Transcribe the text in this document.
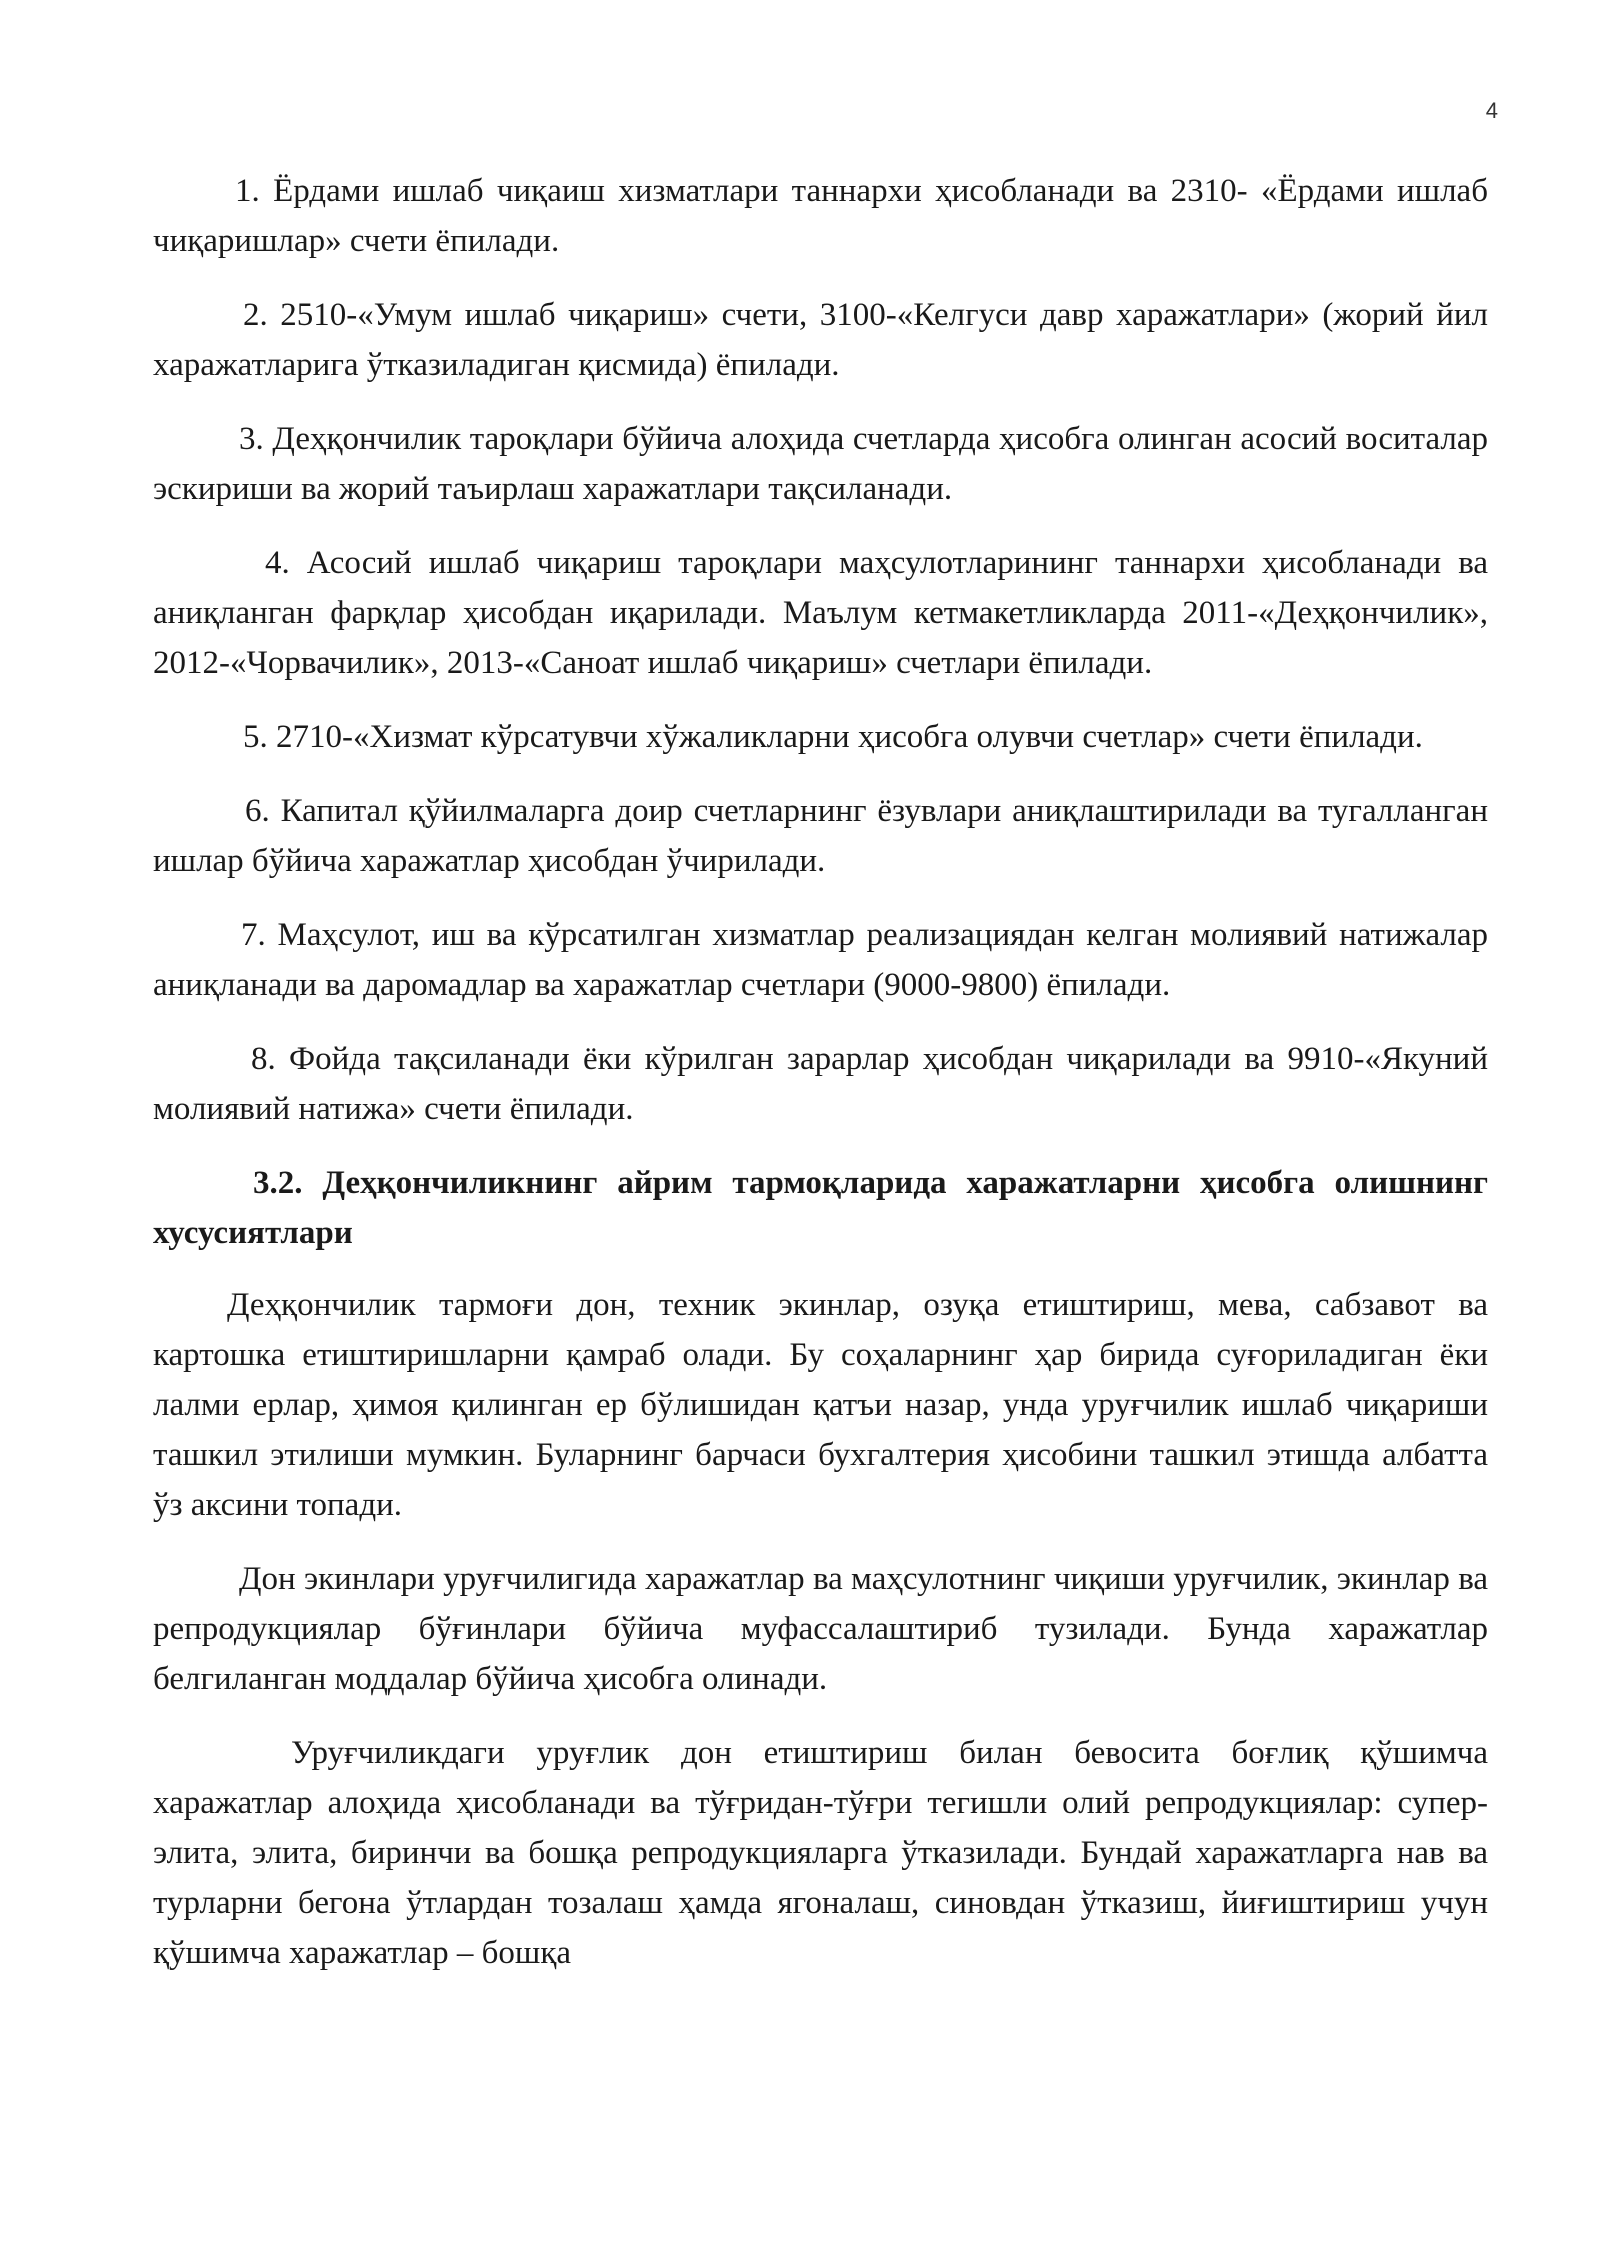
4

1. Ёрдами ишлаб чиқаиш хизматлари таннархи ҳисобланади ва 2310- «Ёрдами ишлаб чиқаришлар» счети ёпилади.

2. 2510-«Умум ишлаб чиқариш» счети, 3100-«Келгуси давр харажатлари» (жорий йил харажатларига ўтказиладиган қисмида) ёпилади.

3. Деҳқончилик тароқлари бўйича алоҳида счетларда ҳисобга олинган асосий воситалар эскириши ва жорий таъирлаш харажатлари тақсиланади.

4. Асосий ишлаб чиқариш тароқлари маҳсулотларининг таннархи ҳисобланади ва аниқланган фарқлар ҳисобдан иқарилади. Маълум кетмакетликларда 2011-«Деҳқончилик», 2012-«Чорвачилик», 2013-«Саноат ишлаб чиқариш» счетлари ёпилади.

5. 2710-«Хизмат кўрсатувчи хўжаликларни ҳисобга олувчи счетлар» счети ёпилади.

6. Капитал қўйилмаларга доир счетларнинг ёзувлари аниқлаштирилади ва тугалланган ишлар бўйича харажатлар ҳисобдан ўчирилади.

7. Маҳсулот, иш ва кўрсатилган хизматлар реализациядан келган молиявий натижалар аниқланади ва даромадлар ва харажатлар счетлари (9000-9800) ёпилади.

8. Фойда тақсиланади ёки кўрилган зарарлар ҳисобдан чиқарилади ва 9910-«Якуний молиявий натижа» счети ёпилади.

3.2. Деҳқончиликнинг айрим тармоқларида харажатларни ҳисобга олишнинг хусусиятлари

Деҳқончилик тармоғи дон, техник экинлар, озуқа етиштириш, мева, сабзавот ва картошка етиштиришларни қамраб олади. Бу соҳаларнинг ҳар бирида суғориладиган ёки лалми ерлар, ҳимоя қилинган ер бўлишидан қатъи назар, унда уруғчилик ишлаб чиқариши ташкил этилиши мумкин. Буларнинг барчаси бухгалтерия ҳисобини ташкил этишда албатта ўз аксини топади.

Дон экинлари уруғчилигида харажатлар ва маҳсулотнинг чиқиши уруғчилик, экинлар ва репродукциялар бўғинлари бўйича муфассалаштириб тузилади. Бунда харажатлар белгиланган моддалар бўйича ҳисобга олинади.

Уруғчиликдаги уруғлик дон етиштириш билан бевосита боғлиқ қўшимча харажатлар алоҳида ҳисобланади ва тўғридан-тўғри тегишли олий репродукциялар: супер-элита, элита, биринчи ва бошқа репродукцияларга ўтказилади. Бундай харажатларга нав ва турларни бегона ўтлардан тозалаш ҳамда ягоналаш, синовдан ўтказиш, йиғиштириш учун қўшимча харажатлар – бошқа
